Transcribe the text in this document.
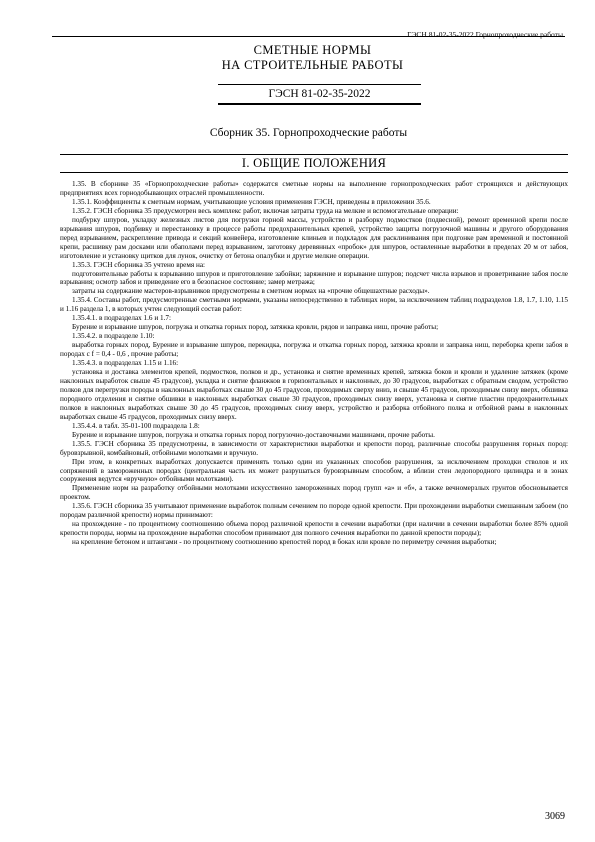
ГЭСН 81-02-35-2022 Горнопроходческие работы
СМЕТНЫЕ НОРМЫ
НА СТРОИТЕЛЬНЫЕ РАБОТЫ
ГЭСН 81-02-35-2022
Сборник 35. Горнопроходческие работы
I. ОБЩИЕ ПОЛОЖЕНИЯ

1.35. В сборнике 35 «Горнопроходческие работы» содержатся сметные нормы на выполнение горнопроходческих работ строящихся и действующих предприятиях всех горнодобывающих отраслей промышленности.

1.35.1. Коэффициенты к сметным нормам, учитывающие условия применения ГЭСН, приведены в приложении 35.6.

1.35.2. ГЭСН сборника 35 предусмотрен весь комплекс работ, включая затраты труда на мелкие и вспомогательные операции:

подбурку шпуров, укладку железных листов для погрузки горной массы, устройство и разборку подмостков (подвесной), ремонт временной крепи после взрывания шпуров, подбивку и перестановку в процессе работы предохранительных крепей, устройство защиты погрузочной машины и другого оборудования перед взрыванием, раскрепление привода и секций конвейера, изготовление клиньев и подкладок для расклинивания при подгонке рам временной и постоянной крепи, расшивку рам досками или обаполами перед взрыванием, заготовку деревянных «пробок» для шпуров, оставленные выработки в пределах 20 м от забоя, изготовление и установку щитков для лунок, очистку от бетона опалубки и другие мелкие операции.

1.35.3. ГЭСН сборника 35 учтено время на:

подготовительные работы к взрыванию шпуров и приготовление забойки; заряжение и взрывание шпуров; подсчет числа взрывов и проветривание забоя после взрывания; осмотр забоя и приведение его в безопасное состояние; замер метража;

затраты на содержание мастеров-взрывников предусмотрены в сметном нормах на «прочие общешахтные расходы».

1.35.4. Составы работ, предусмотренные сметными нормами, указаны непосредственно в таблицах норм, за исключением таблиц подразделов 1.8, 1.7, 1.10, 1.15 и 1.16 раздела 1, в которых учтен следующий состав работ:

1.35.4.1. в подразделах 1.6 и 1.7:

Бурение и взрывание шпуров, погрузка и откатка горных пород, затяжка кровли, рядов и заправка ниш, прочие работы;

1.35.4.2. в подразделе 1.10:

выработка горных пород, Бурение и взрывание шпуров, перекидка, погрузка и откатка горных пород, затяжка кровли и заправка ниш, переборка крепи забоя в породах с f = 0,4 - 0,6 , прочие работы;

1.35.4.3. в подразделах 1.15 и 1.16:

установка и доставка элементов крепей, подмостков, полков и др., установка и снятие временных крепей, затяжка боков и кровли и удаление затяжек (кроме наклонных выработок свыше 45 градусов), укладка и снятие фланжков в горизонтальных и наклонных, до 30 градусов, выработках с обратным сводом, устройство полков для перегрузки породы в наклонных выработках свыше 30 до 45 градусов, проходимых сверху вниз, и свыше 45 градусов, проходимым снизу вверх, обшивка породного отделения и снятие обшивки в наклонных выработках свыше 30 градусов, проходимых снизу вверх, установка и снятие пластин предохранительных полков в наклонных выработках свыше 30 до 45 градусов, проходимых снизу вверх, устройство и разборка отбойного полка и отбойной рамы в наклонных выработках свыше 45 градусов, проходимых снизу вверх.

1.35.4.4. в табл. 35-01-100 подраздела 1.8:

Бурение и взрывание шпуров, погрузка и откатка горных пород погрузочно-доставочными машинами, прочие работы.

1.35.5. ГЭСН сборника 35 предусмотрены, в зависимости от характеристики выработки и крепости пород, различные способы разрушения горных пород: буровзрывной, комбайновый, отбойными молотками и вручную.

При этом, в конкретных выработках допускается применять только один из указанных способов разрушения, за исключением проходки стволов и их сопряжений в замороженных породах (центральная часть их может разрушаться буровзрывным способом, а вблизи стен ледопородного цилиндра и в зонах сооружения ведутся «вручную» отбойными молотками).

Применение норм на разработку отбойными молотками искусственно замороженных пород групп «а» и «б», а также вечномерзлых грунтов обосновывается проектом.

1.35.6. ГЭСН сборника 35 учитывают применение выработок полным сечением по породе одной крепости. При прохождении выработки смешанным забоем (по породам различной крепости) нормы принимают:

на прохождение - по процентному соотношению объема пород различной крепости в сечении выработки (при наличии в сечении выработки более 85% одной крепости породы, нормы на прохождение выработки способом принимают для полного сечения выработки по данной крепости породы);

на крепление бетоном и штангами - по процентному соотношению крепостей пород в боках или кровле по периметру сечения выработки;

3069
